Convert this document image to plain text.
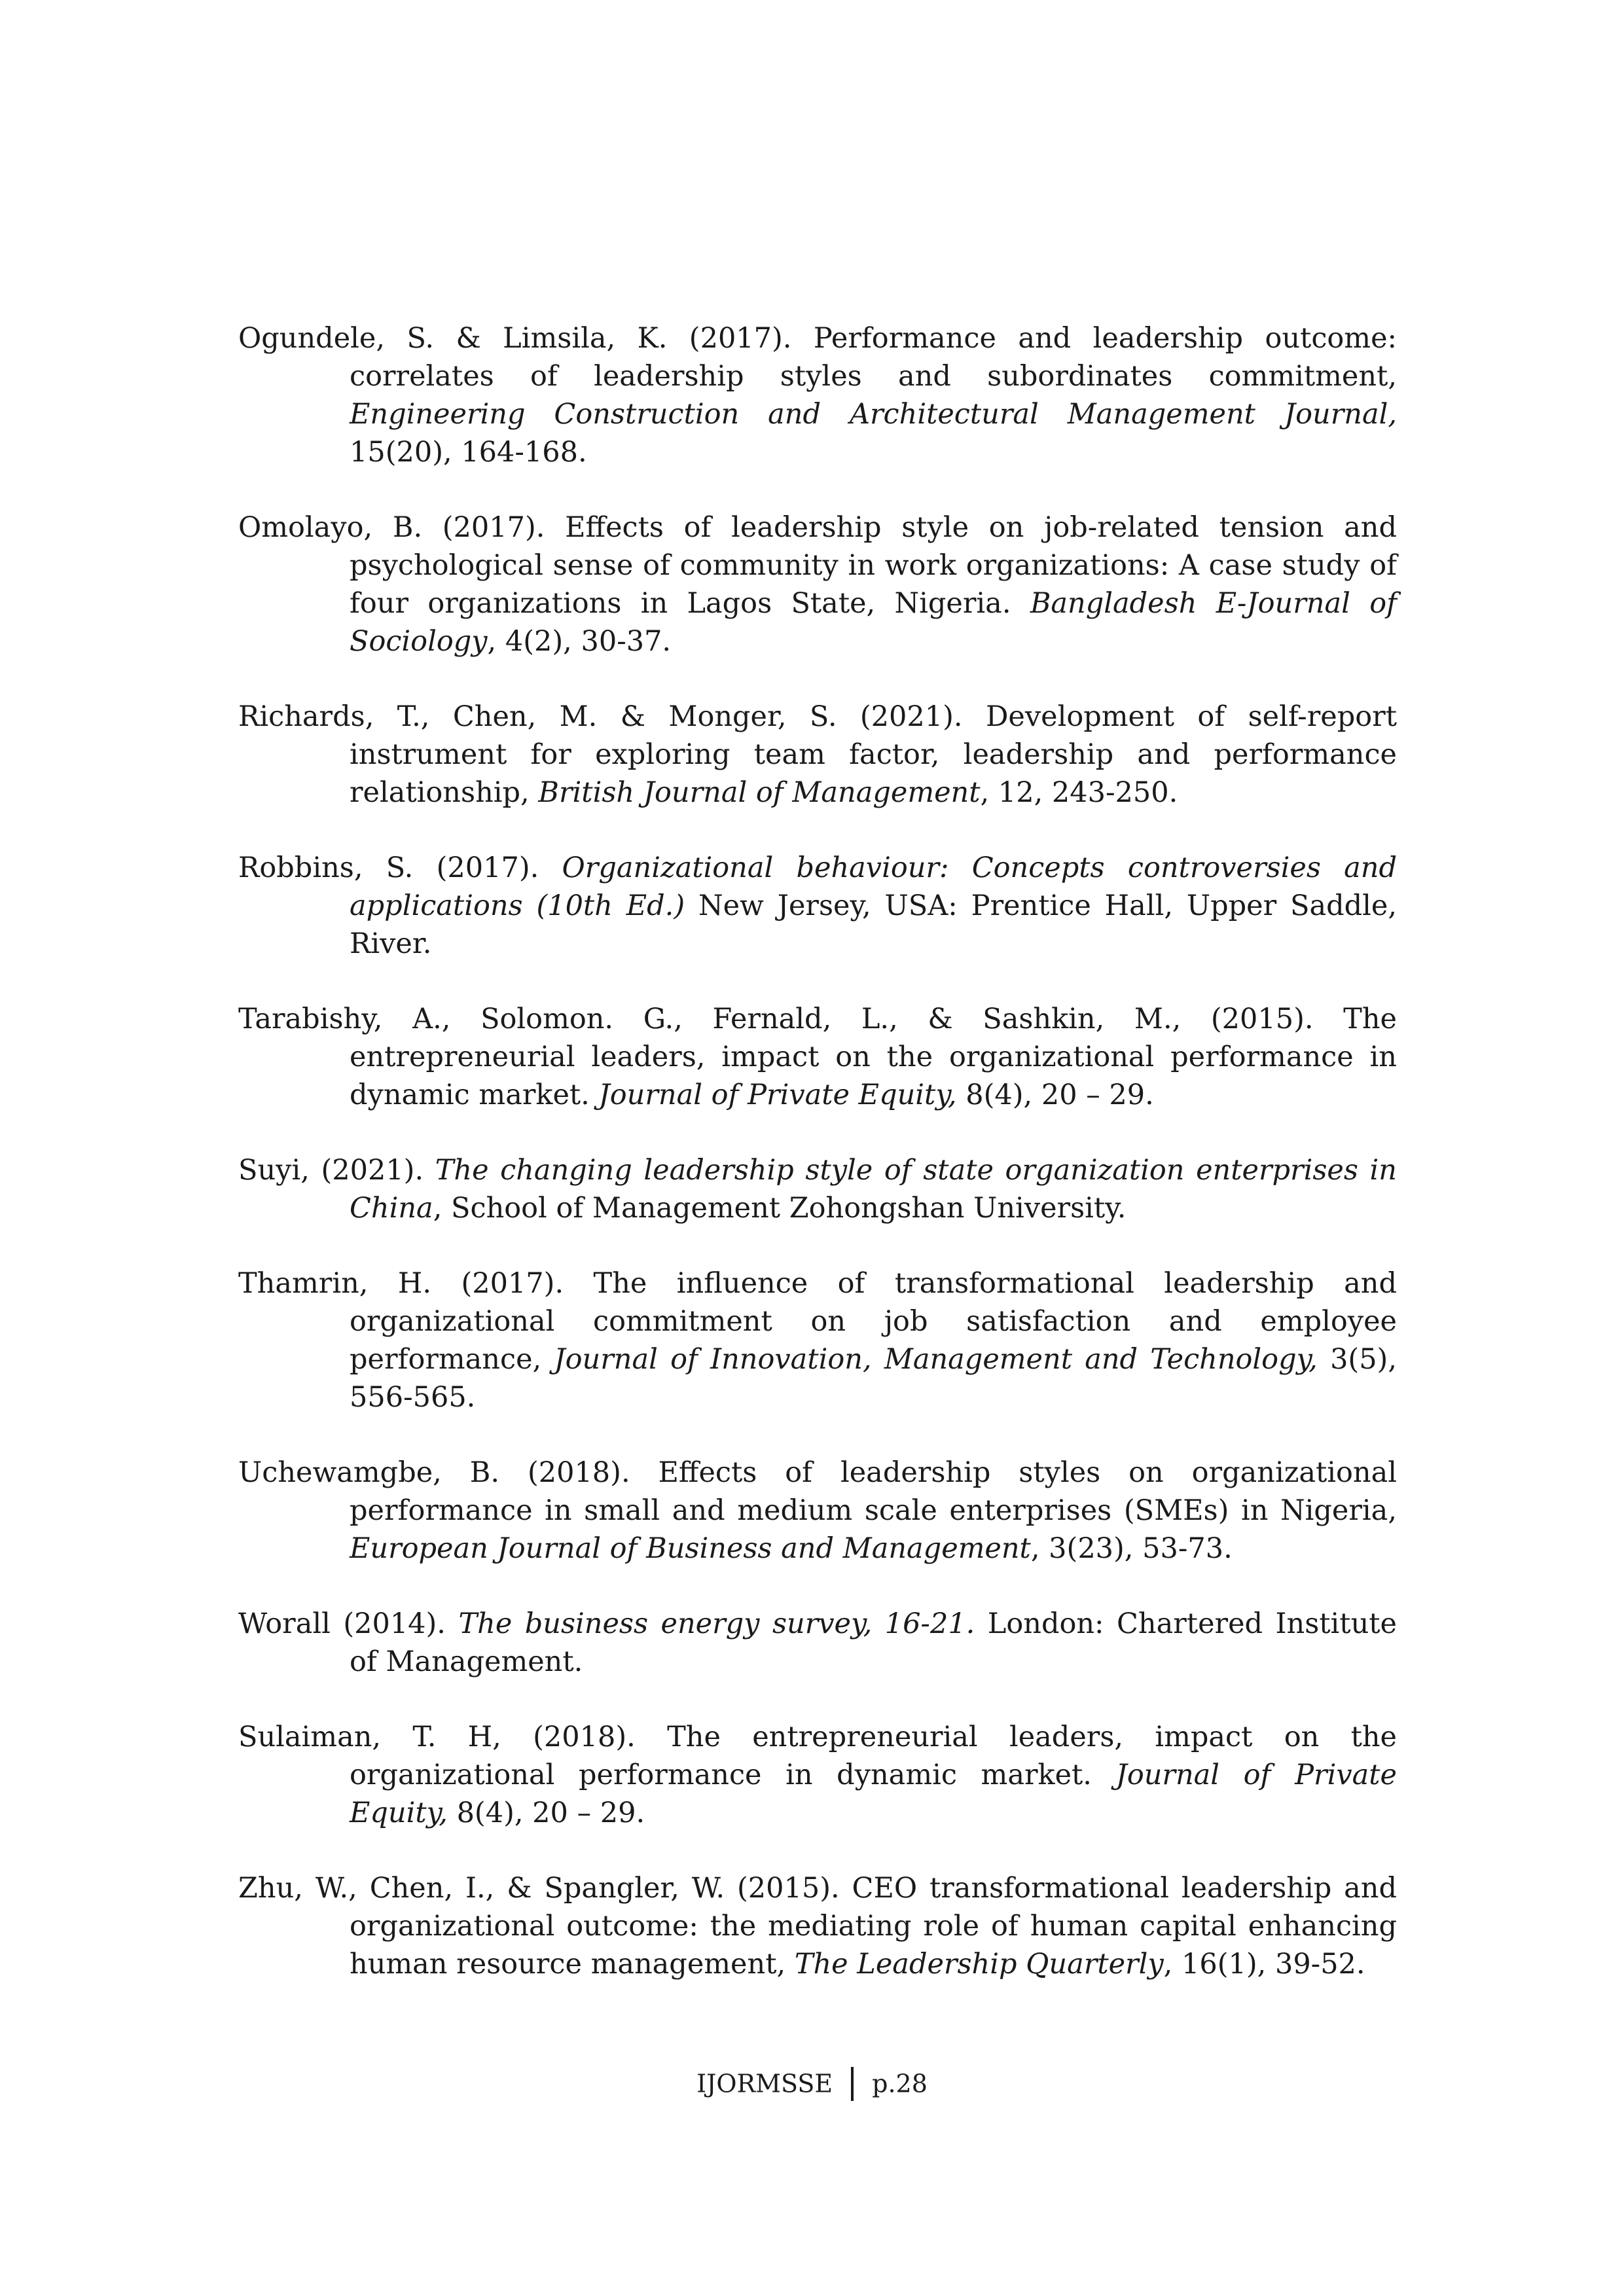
Ogundele, S. & Limsila, K. (2017). Performance and leadership outcome: correlates of leadership styles and subordinates commitment, Engineering Construction and Architectural Management Journal, 15(20), 164-168.

Omolayo, B. (2017). Effects of leadership style on job-related tension and psychological sense of community in work organizations: A case study of four organizations in Lagos State, Nigeria. Bangladesh E-Journal of Sociology, 4(2), 30-37.

Richards, T., Chen, M. & Monger, S. (2021). Development of self-report instrument for exploring team factor, leadership and performance relationship, British Journal of Management, 12, 243-250.

Robbins, S. (2017). Organizational behaviour: Concepts controversies and applications (10th Ed.) New Jersey, USA: Prentice Hall, Upper Saddle, River.

Tarabishy, A., Solomon. G., Fernald, L., & Sashkin, M., (2015). The entrepreneurial leaders, impact on the organizational performance in dynamic market. Journal of Private Equity, 8(4), 20 – 29.

Suyi, (2021). The changing leadership style of state organization enterprises in China, School of Management Zohongshan University.

Thamrin, H. (2017). The influence of transformational leadership and organizational commitment on job satisfaction and employee performance, Journal of Innovation, Management and Technology, 3(5), 556-565.

Uchewamgbe, B. (2018). Effects of leadership styles on organizational performance in small and medium scale enterprises (SMEs) in Nigeria, European Journal of Business and Management, 3(23), 53-73.

Worall (2014). The business energy survey, 16-21. London: Chartered Institute of Management.

Sulaiman, T. H, (2018). The entrepreneurial leaders, impact on the organizational performance in dynamic market. Journal of Private Equity, 8(4), 20 – 29.

Zhu, W., Chen, I., & Spangler, W. (2015). CEO transformational leadership and organizational outcome: the mediating role of human capital enhancing human resource management, The Leadership Quarterly, 16(1), 39-52.

IJORMSSE p.28
